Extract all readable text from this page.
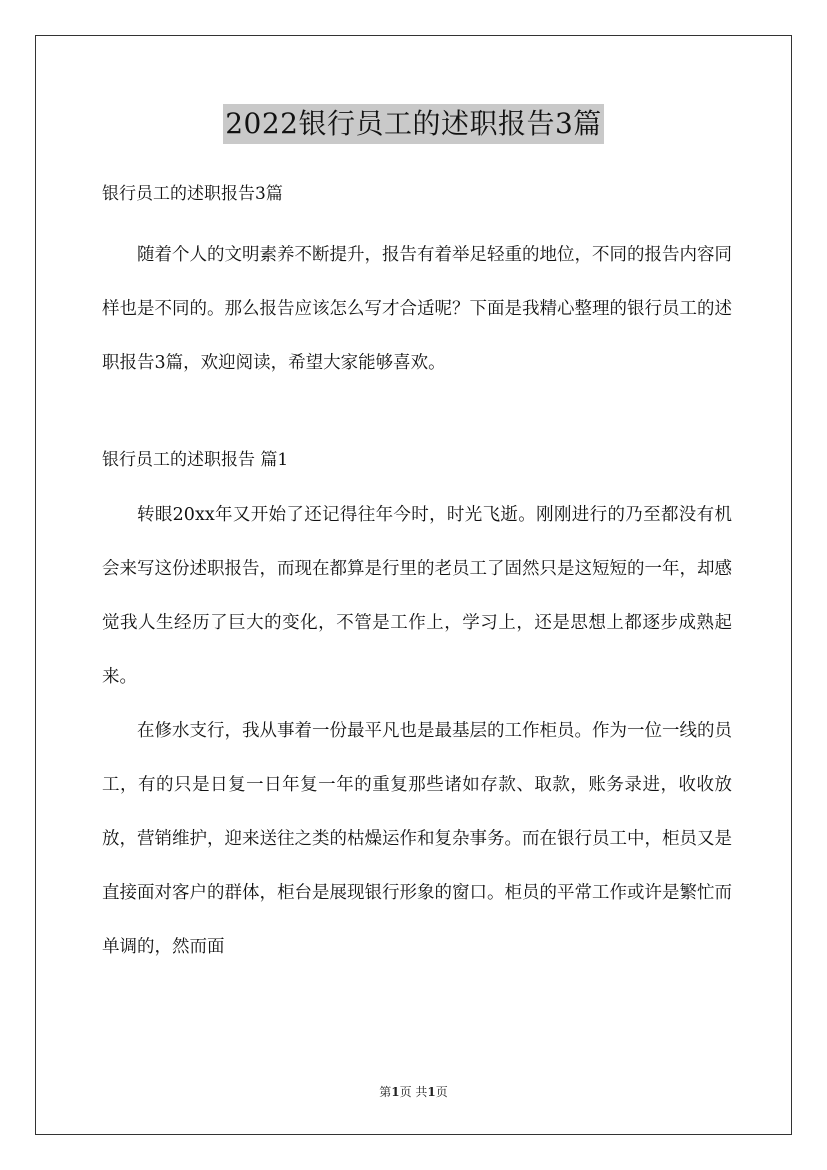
2022银行员工的述职报告3篇

银行员工的述职报告3篇

随着个人的文明素养不断提升，报告有着举足轻重的地位，不同的报告内容同样也是不同的。那么报告应该怎么写才合适呢？下面是我精心整理的银行员工的述职报告3篇，欢迎阅读，希望大家能够喜欢。

银行员工的述职报告 篇1

转眼20xx年又开始了还记得往年今时，时光飞逝。刚刚进行的乃至都没有机会来写这份述职报告，而现在都算是行里的老员工了固然只是这短短的一年，却感觉我人生经历了巨大的变化，不管是工作上，学习上，还是思想上都逐步成熟起来。

在修水支行，我从事着一份最平凡也是最基层的工作柜员。作为一位一线的员工，有的只是日复一日年复一年的重复那些诸如存款、取款，账务录进，收收放放，营销维护，迎来送往之类的枯燥运作和复杂事务。而在银行员工中，柜员又是直接面对客户的群体，柜台是展现银行形象的窗口。柜员的平常工作或许是繁忙而单调的，然而面

第1页 共1页
